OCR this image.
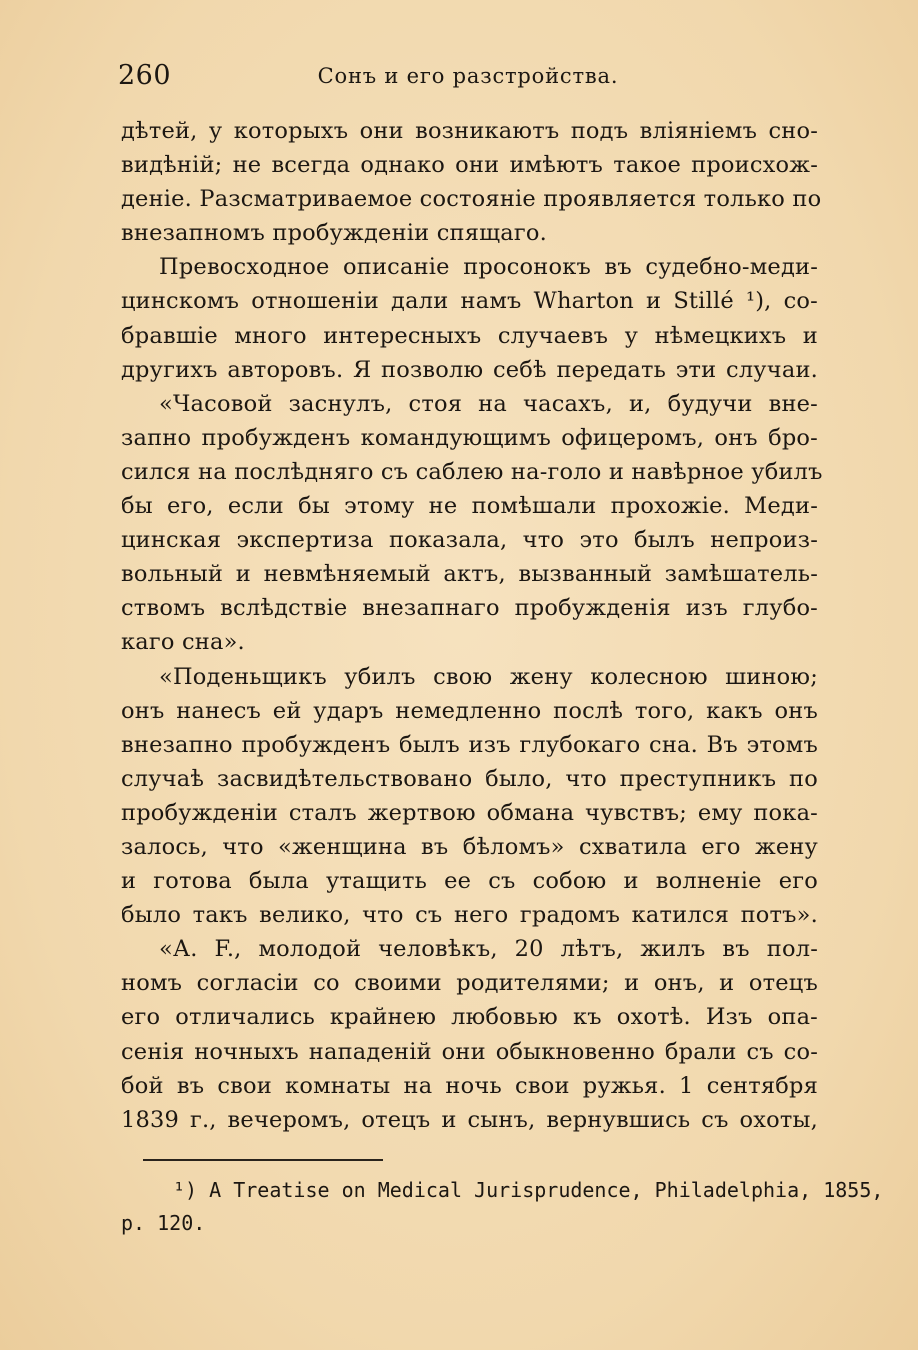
260	Сонъ и его разстройства.
дѣтей, у которыхъ они возникаютъ подъ вліяніемъ сно-
видѣній; не всегда однако они имѣютъ такое происхож-
деніе. Разсматриваемое состояніе проявляется только по
внезапномъ пробужденіи спящаго.
Превосходное описаніе просонокъ въ судебно-меди-
цинскомъ отношеніи дали намъ Wharton и Stillé ¹), со-
бравшіе много интересныхъ случаевъ у нѣмецкихъ и
другихъ авторовъ. Я позволю себѣ передать эти случаи.
«Часовой заснулъ, стоя на часахъ, и, будучи вне-
запно пробужденъ командующимъ офицеромъ, онъ бро-
сился на послѣдняго съ саблею на-голо и навѣрное убилъ
бы его, если бы этому не помѣшали прохожіе. Меди-
цинская экспертиза показала, что это былъ непроиз-
вольный и невмѣняемый актъ, вызванный замѣшатель-
ствомъ вслѣдствіе внезапнаго пробужденія изъ глубо-
каго сна».
«Поденьщикъ убилъ свою жену колесною шиною;
онъ нанесъ ей ударъ немедленно послѣ того, какъ онъ
внезапно пробужденъ былъ изъ глубокаго сна. Въ этомъ
случаѣ засвидѣтельствовано было, что преступникъ по
пробужденіи сталъ жертвою обмана чувствъ; ему пока-
залось, что «женщина въ бѣломъ» схватила его жену
и готова была утащить ее съ собою и волненіе его
было такъ велико, что съ него градомъ катился потъ».
«А. F., молодой человѣкъ, 20 лѣтъ, жилъ въ пол-
номъ согласіи со своими родителями; и онъ, и отецъ
его отличались крайнею любовью къ охотѣ. Изъ опа-
сенія ночныхъ нападеній они обыкновенно брали съ со-
бой въ свои комнаты на ночь свои ружья. 1 сентября
1839 г., вечеромъ, отецъ и сынъ, вернувшись съ охоты,
¹) A Treatise on Medical Jurisprudence, Philadelphia, 1855,
p. 120.
